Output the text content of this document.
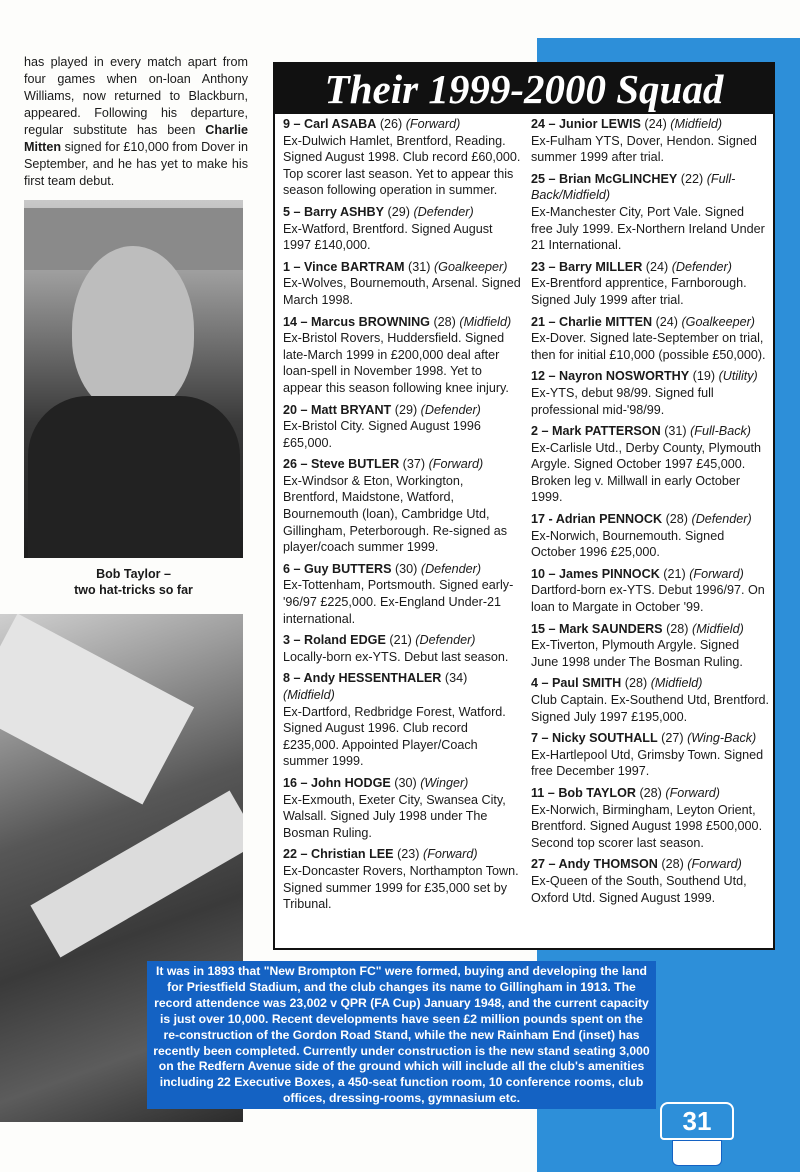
has played in every match apart from four games when on-loan Anthony Williams, now returned to Blackburn, appeared. Following his departure, regular substitute has been Charlie Mitten signed for £10,000 from Dover in September, and he has yet to make his first team debut.
Bob Taylor –
two hat-tricks so far
Their 1999-2000 Squad
9 – Carl ASABA (26) (Forward)
Ex-Dulwich Hamlet, Brentford, Reading. Signed August 1998. Club record £60,000. Top scorer last season. Yet to appear this season following operation in summer.
5 – Barry ASHBY (29) (Defender)
Ex-Watford, Brentford. Signed August 1997 £140,000.
1 – Vince BARTRAM (31) (Goalkeeper)
Ex-Wolves, Bournemouth, Arsenal. Signed March 1998.
14 – Marcus BROWNING (28) (Midfield)
Ex-Bristol Rovers, Huddersfield. Signed late-March 1999 in £200,000 deal after loan-spell in November 1998. Yet to appear this season following knee injury.
20 – Matt BRYANT (29) (Defender)
Ex-Bristol City. Signed August 1996 £65,000.
26 – Steve BUTLER (37) (Forward)
Ex-Windsor & Eton, Workington, Brentford, Maidstone, Watford, Bournemouth (loan), Cambridge Utd, Gillingham, Peterborough. Re-signed as player/coach summer 1999.
6 – Guy BUTTERS (30) (Defender)
Ex-Tottenham, Portsmouth. Signed early-'96/97 £225,000. Ex-England Under-21 international.
3 – Roland EDGE (21) (Defender)
Locally-born ex-YTS. Debut last season.
8 – Andy HESSENTHALER (34) (Midfield)
Ex-Dartford, Redbridge Forest, Watford. Signed August 1996. Club record £235,000. Appointed Player/Coach summer 1999.
16 – John HODGE (30) (Winger)
Ex-Exmouth, Exeter City, Swansea City, Walsall. Signed July 1998 under The Bosman Ruling.
22 – Christian LEE (23) (Forward)
Ex-Doncaster Rovers, Northampton Town. Signed summer 1999 for £35,000 set by Tribunal.
24 – Junior LEWIS (24) (Midfield)
Ex-Fulham YTS, Dover, Hendon. Signed summer 1999 after trial.
25 – Brian McGLINCHEY (22) (Full-Back/Midfield)
Ex-Manchester City, Port Vale. Signed free July 1999. Ex-Northern Ireland Under 21 International.
23 – Barry MILLER (24) (Defender)
Ex-Brentford apprentice, Farnborough. Signed July 1999 after trial.
21 – Charlie MITTEN (24) (Goalkeeper)
Ex-Dover. Signed late-September on trial, then for initial £10,000 (possible £50,000).
12 – Nayron NOSWORTHY (19) (Utility)
Ex-YTS, debut 98/99. Signed full professional mid-'98/99.
2 – Mark PATTERSON (31) (Full-Back)
Ex-Carlisle Utd., Derby County, Plymouth Argyle. Signed October 1997 £45,000. Broken leg v. Millwall in early October 1999.
17 - Adrian PENNOCK (28) (Defender)
Ex-Norwich, Bournemouth. Signed October 1996 £25,000.
10 – James PINNOCK (21) (Forward)
Dartford-born ex-YTS. Debut 1996/97. On loan to Margate in October '99.
15 – Mark SAUNDERS (28) (Midfield)
Ex-Tiverton, Plymouth Argyle. Signed June 1998 under The Bosman Ruling.
4 – Paul SMITH (28) (Midfield)
Club Captain. Ex-Southend Utd, Brentford. Signed July 1997 £195,000.
7 – Nicky SOUTHALL (27) (Wing-Back)
Ex-Hartlepool Utd, Grimsby Town. Signed free December 1997.
11 – Bob TAYLOR (28) (Forward)
Ex-Norwich, Birmingham, Leyton Orient, Brentford. Signed August 1998 £500,000. Second top scorer last season.
27 – Andy THOMSON (28) (Forward)
Ex-Queen of the South, Southend Utd, Oxford Utd. Signed August 1999.
It was in 1893 that "New Brompton FC" were formed, buying and developing the land for Priestfield Stadium, and the club changes its name to Gillingham in 1913. The record attendence was 23,002 v QPR (FA Cup) January 1948, and the current capacity is just over 10,000. Recent developments have seen £2 million pounds spent on the re-construction of the Gordon Road Stand, while the new Rainham End (inset) has recently been completed. Currently under construction is the new stand seating 3,000 on the Redfern Avenue side of the ground which will include all the club's amenities including 22 Executive Boxes, a 450-seat function room, 10 conference rooms, club offices, dressing-rooms, gymnasium etc.
31
